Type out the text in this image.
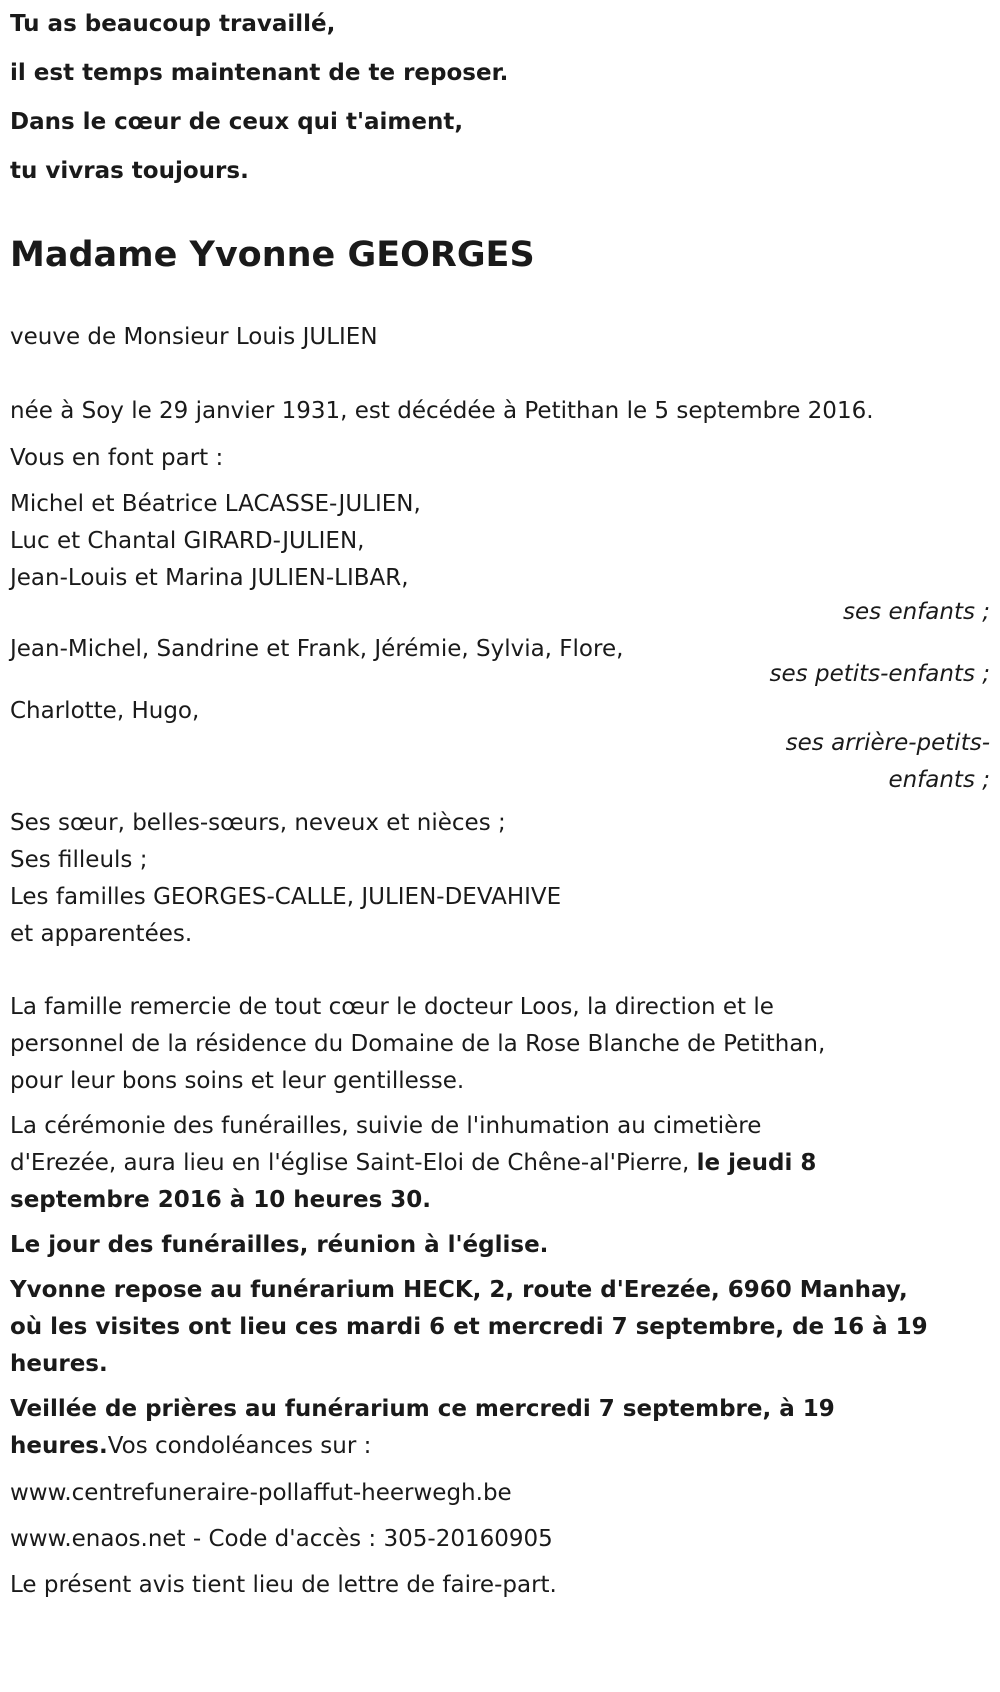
Tu as beaucoup travaillé,
il est temps maintenant de te reposer.
Dans le cœur de ceux qui t'aiment,
tu vivras toujours.
Madame Yvonne GEORGES
veuve de Monsieur Louis JULIEN
née à Soy le 29 janvier 1931, est décédée à Petithan le 5 septembre 2016.
Vous en font part :
Michel et Béatrice LACASSE-JULIEN,
Luc et Chantal GIRARD-JULIEN,
Jean-Louis et Marina JULIEN-LIBAR,
ses enfants ;
Jean-Michel, Sandrine et Frank, Jérémie, Sylvia, Flore,
ses petits-enfants ;
Charlotte, Hugo,
ses arrière-petits-
enfants ;
Ses sœur, belles-sœurs, neveux et nièces ;
Ses filleuls ;
Les familles GEORGES-CALLE, JULIEN-DEVAHIVE
et apparentées.
La famille remercie de tout cœur le docteur Loos, la direction et le
personnel de la résidence du Domaine de la Rose Blanche de Petithan,
pour leur bons soins et leur gentillesse.
La cérémonie des funérailles, suivie de l'inhumation au cimetière
d'Erezée, aura lieu en l'église Saint-Eloi de Chêne-al'Pierre, le jeudi 8
septembre 2016 à 10 heures 30.
Le jour des funérailles, réunion à l'église.
Yvonne repose au funérarium HECK, 2, route d'Erezée, 6960 Manhay,
où les visites ont lieu ces mardi 6 et mercredi 7 septembre, de 16 à 19
heures.
Veillée de prières au funérarium ce mercredi 7 septembre, à 19
heures.Vos condoléances sur :
www.centrefuneraire-pollaffut-heerwegh.be
www.enaos.net - Code d'accès : 305-20160905
Le présent avis tient lieu de lettre de faire-part.
